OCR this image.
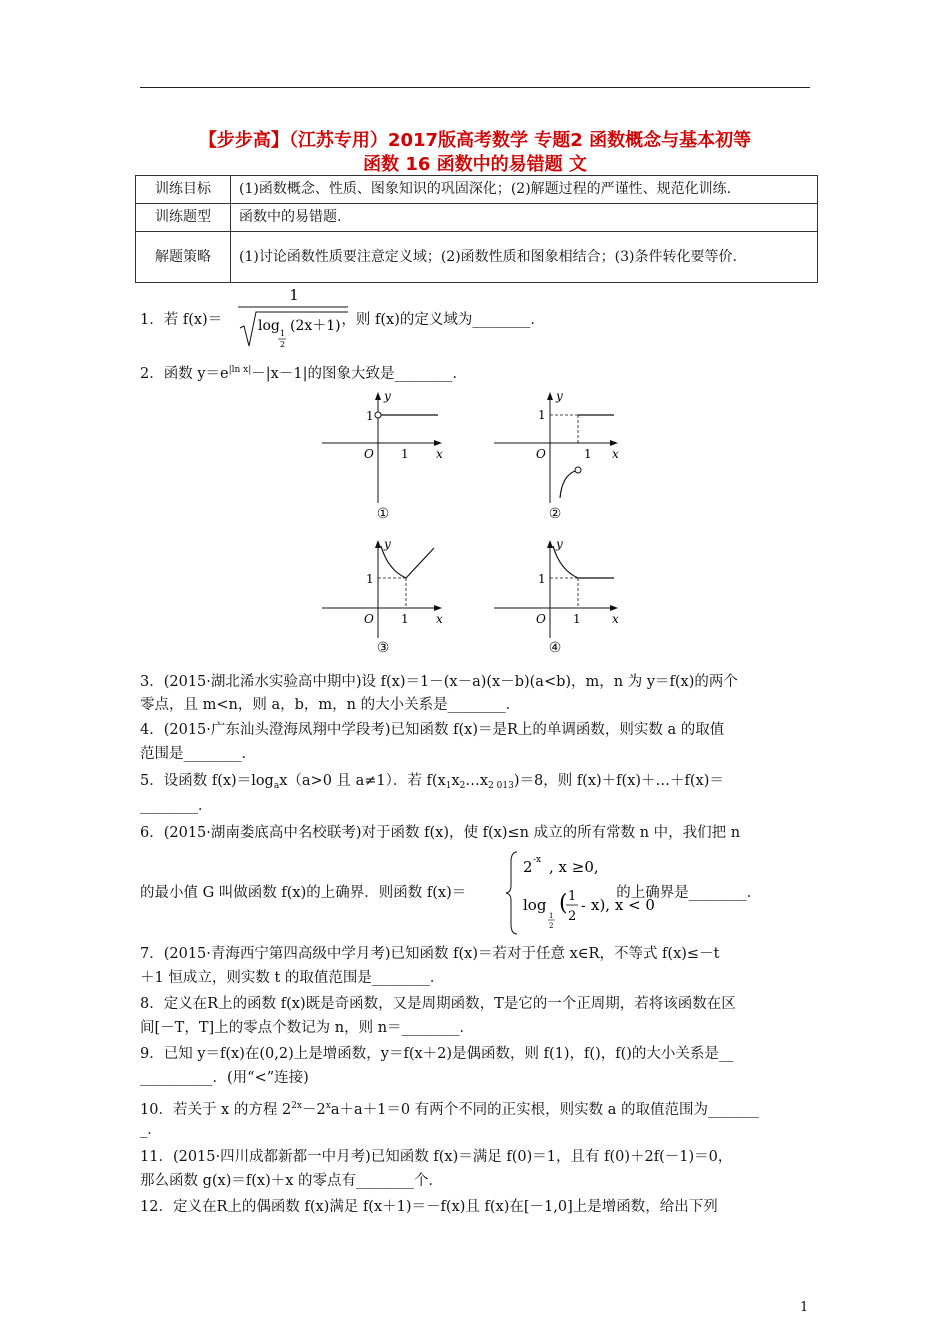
【步步高】（江苏专用）2017版高考数学 专题2 函数概念与基本初等
函数 16 函数中的易错题 文
训练目标	(1)函数概念、性质、图象知识的巩固深化；(2)解题过程的严谨性、规范化训练.
训练题型	函数中的易错题.
解题策略	(1)讨论函数性质要注意定义域；(2)函数性质和图象相结合；(3)条件转化要等价.
1．若 f(x)＝	，则 f(x)的定义域为________．
1
log 1
2
(2x＋1)
2．函数 $y=e^{|ln x|}-|x-1|$的图象大致是________．
y
x
O
1
1
①
y
x
O
1
1
②
y
x
O
1
1
③
y
x
O
1
1
④
3．(2015·湖北浠水实验高中期中)设 f(x)＝1－(x－a)(x－b)(a<b)，m，n 为 y＝f(x)的两个
零点，且 m<n，则 a，b，m，n 的大小关系是________．
4．(2015·广东汕头澄海凤翔中学段考)已知函数 f(x)＝是R上的单调函数，则实数 a 的取值
范围是________．
5．设函数 $f(x)=\log_ax(a>0$ 且 a≠1）．若 $f(x_1x_2\dots x_{2 013})=8$，则 f(x)＋f(x)＋…＋f(x)＝
________．
6．(2015·湖南娄底高中名校联考)对于函数 f(x)，使 f(x)≤n 成立的所有常数 n 中，我们把 n
的最小值 G 叫做函数 f(x)的上确界．则函数 f(x)＝	的上确界是________．
2 -x , x ≥0,
log
1
2
( 1
2
- x), x < 0
7．(2015·青海西宁第四高级中学月考)已知函数 f(x)＝若对于任意 x∈R，不等式 f(x)≤－t
＋1 恒成立，则实数 t 的取值范围是________．
8．定义在R上的函数 f(x)既是奇函数，又是周期函数，T是它的一个正周期，若将该函数在区
间[－T，T]上的零点个数记为 n，则 n＝________．
9．已知 y＝f(x)在(0,2)上是增函数，y＝f(x＋2)是偶函数，则 f(1)，f()，f()的大小关系是__
__________．(用“<”连接)
10．若关于 x 的方程 $2^{2x}-2^xa+a+1=0$ 有两个不同的正实根，则实数 a 的取值范围为_______
_．
11．(2015·四川成都新都一中月考)已知函数 f(x)＝满足 f(0)＝1，且有 f(0)＋2f(－1)＝0，
那么函数 g(x)＝f(x)＋x 的零点有________个．
12．定义在R上的偶函数 f(x)满足 f(x＋1)＝－f(x)且 f(x)在[－1,0]上是增函数，给出下列
1
